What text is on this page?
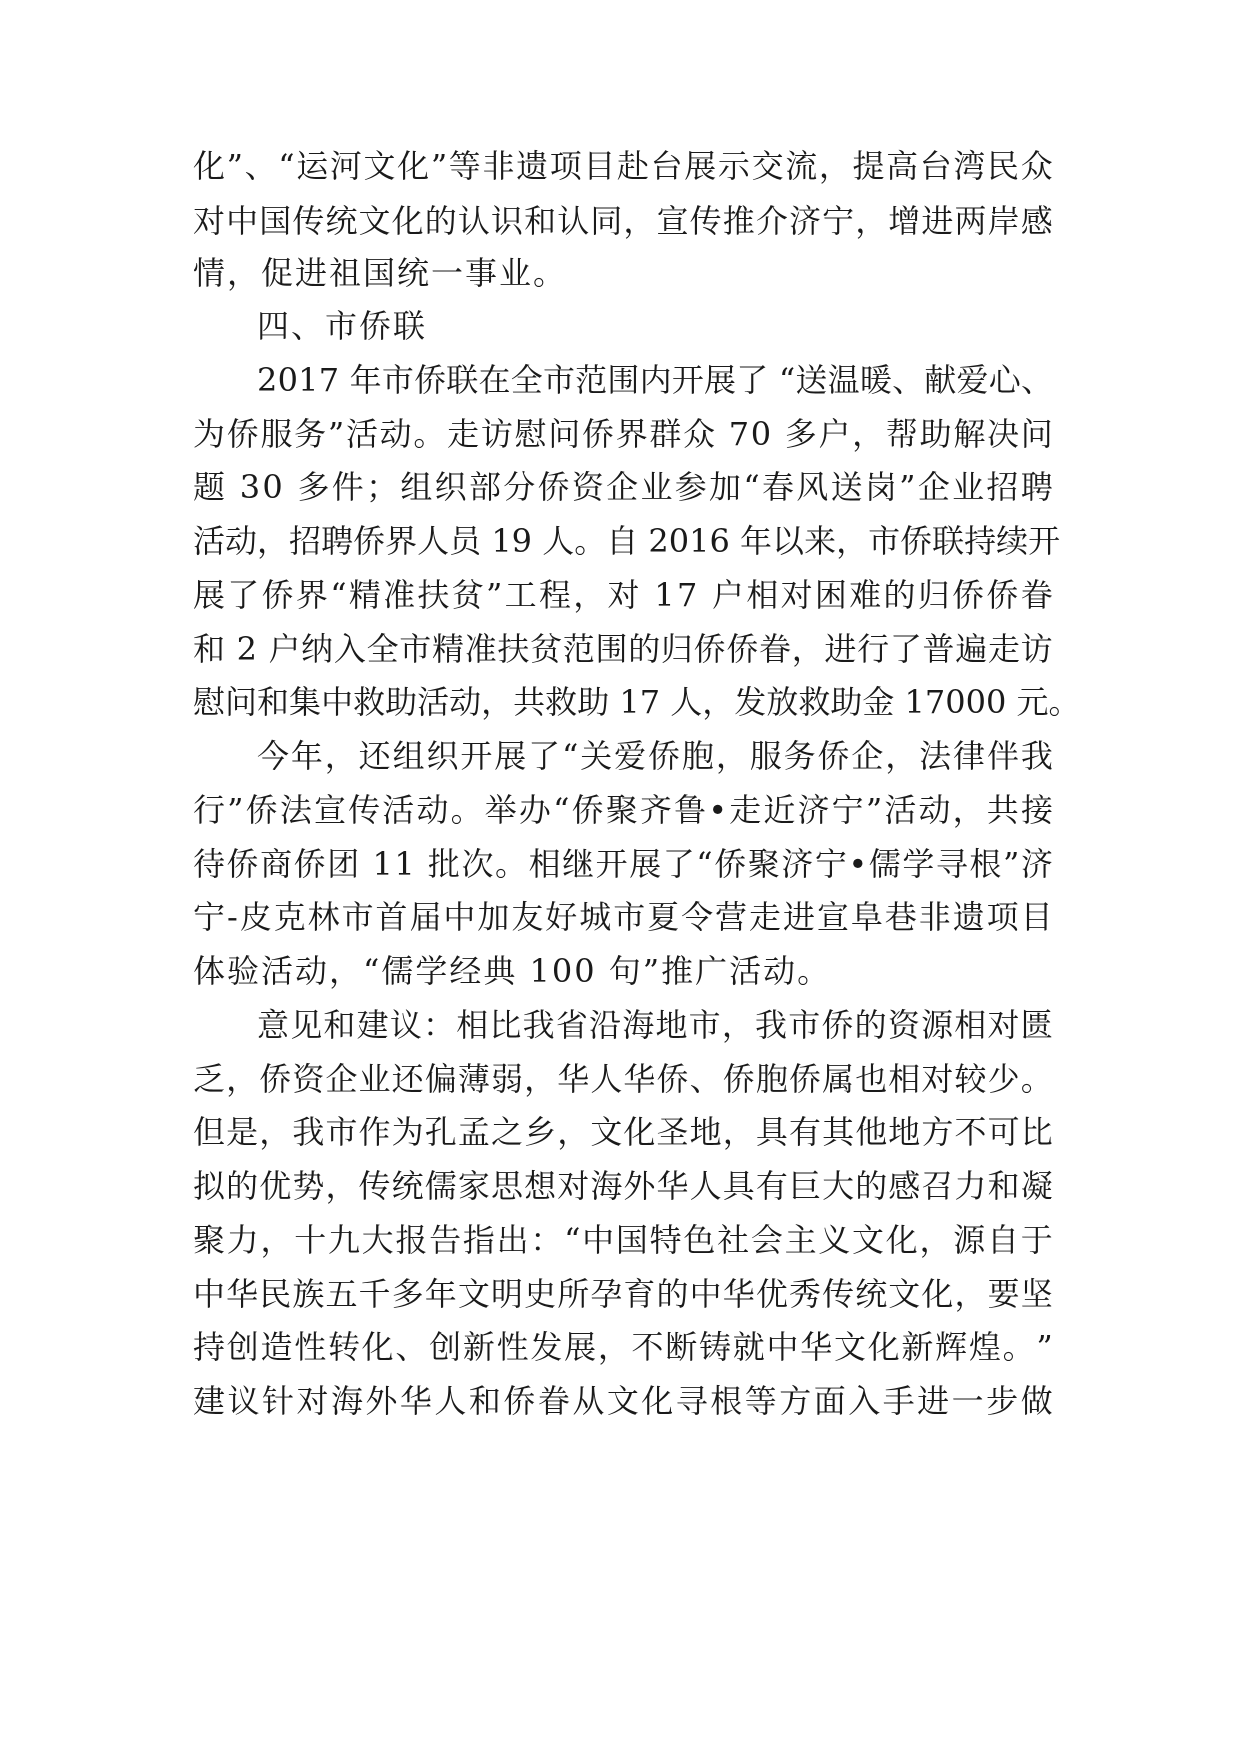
化 ” 、 “ 运 河 文 化 ” 等 非 遗 项 目 赴 台 展 示 交 流 ， 提 高 台 湾 民 众
对 中 国 传 统 文 化 的 认 识 和 认 同 ， 宣 传 推 介 济 宁 ， 增 进 两 岸 感
情，促进祖国统一事业。
四、市侨联
2 0 1 7
年 市 侨 联 在 全 市 范 围 内 开 展 了
“ 送 温 暖 、 献 爱 心 、
为 侨 服 务 ” 活 动 。 走 访 慰 问 侨 界 群 众
7 0
多 户 ， 帮 助 解 决 问
题
3 0
多 件 ； 组 织 部 分 侨 资 企 业 参 加 “ 春 风 送 岗 ” 企 业 招 聘
活 动 ， 招 聘 侨 界 人 员
1 9
人 。 自
2 0 1 6
年 以 来 ， 市 侨 联 持 续 开
展 了 侨 界 “ 精 准 扶 贫 ” 工 程 ， 对
1 7
户 相 对 困 难 的 归 侨 侨 眷
和
2
户 纳 入 全 市 精 准 扶 贫 范 围 的 归 侨 侨 眷 ， 进 行 了 普 遍 走 访
慰 问 和 集 中 救 助 活 动 ， 共 救 助
1 7
人 ， 发 放 救 助 金
1 7 0 0 0
元 。
今 年 ， 还 组 织 开 展 了 “ 关 爱 侨 胞 ， 服 务 侨 企 ， 法 律 伴 我
行 ” 侨 法 宣 传 活 动 。 举 办 “ 侨 聚 齐 鲁 • 走 近 济 宁 ” 活 动 ， 共 接
待 侨 商 侨 团
1 1
批 次 。 相 继 开 展 了 “ 侨 聚 济 宁 • 儒 学 寻 根 ” 济
宁 - 皮 克 林 市 首 届 中 加 友 好 城 市 夏 令 营 走 进 宣 阜 巷 非 遗 项 目
体验活动，“儒学经典 100 句”推广活动。
意 见 和 建 议 ： 相 比 我 省 沿 海 地 市 ， 我 市 侨 的 资 源 相 对 匮
乏 ， 侨 资 企 业 还 偏 薄 弱 ， 华 人 华 侨 、 侨 胞 侨 属 也 相 对 较 少 。
但 是 ， 我 市 作 为 孔 孟 之 乡 ， 文 化 圣 地 ， 具 有 其 他 地 方 不 可 比
拟 的 优 势 ， 传 统 儒 家 思 想 对 海 外 华 人 具 有 巨 大 的 感 召 力 和 凝
聚 力 ， 十 九 大 报 告 指 出 ： “ 中 国 特 色 社 会 主 义 文 化 ， 源 自 于
中 华 民 族 五 千 多 年 文 明 史 所 孕 育 的 中 华 优 秀 传 统 文 化 ， 要 坚
持 创 造 性 转 化 、 创 新 性 发 展 ， 不 断 铸 就 中 华 文 化 新 辉 煌 。 ”
建 议 针 对 海 外 华 人 和 侨 眷 从 文 化 寻 根 等 方 面 入 手 进 一 步 做
